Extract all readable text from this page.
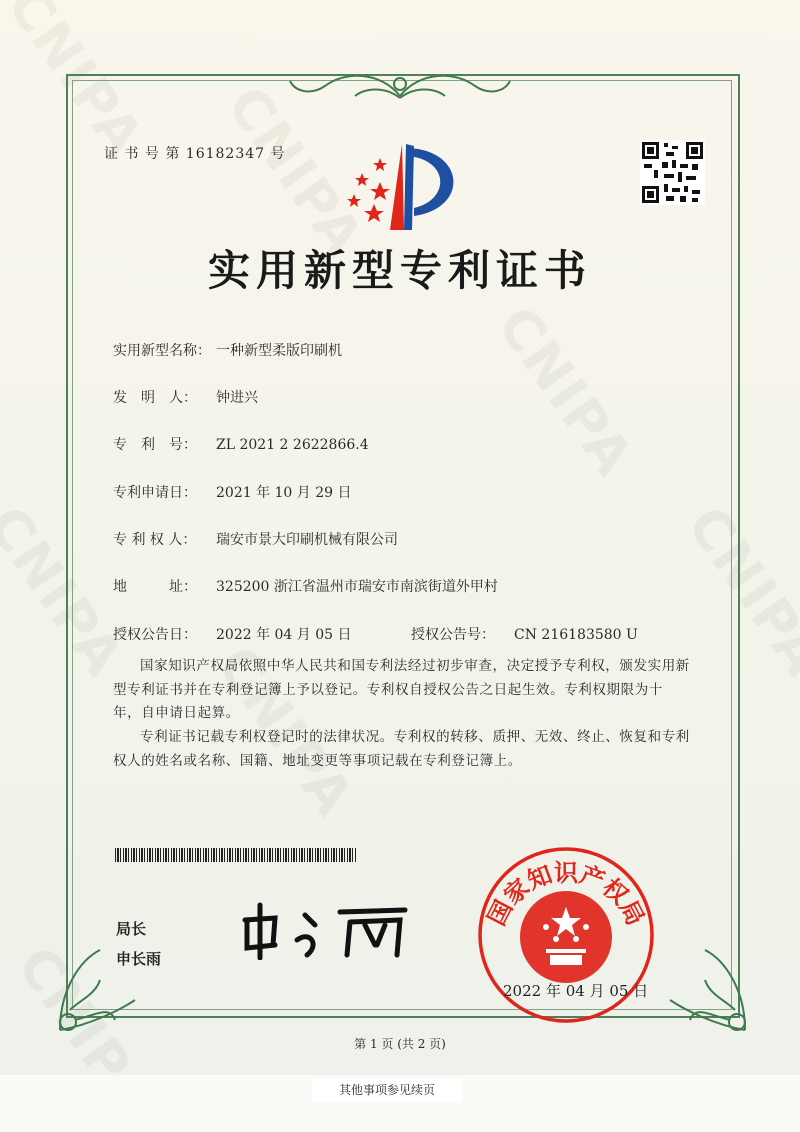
证 书 号 第 16182347 号
实用新型专利证书
实用新型名称： 一种新型柔版印刷机
发　明　人： 钟进兴
专　利　号： ZL 2021 2 2622866.4
专利申请日： 2021 年 10 月 29 日
专 利 权 人： 瑞安市景大印刷机械有限公司
地　　　址： 325200 浙江省温州市瑞安市南滨街道外甲村
授权公告日： 2022 年 04 月 05 日	授权公告号： CN 216183580 U
国家知识产权局依照中华人民共和国专利法经过初步审查，决定授予专利权，颁发实用新型专利证书并在专利登记簿上予以登记。专利权自授权公告之日起生效。专利权期限为十年，自申请日起算。
专利证书记载专利权登记时的法律状况。专利权的转移、质押、无效、终止、恢复和专利权人的姓名或名称、国籍、地址变更等事项记载在专利登记簿上。
局长
申长雨
国家知识产权局
2022 年 04 月 05 日
第 1 页 (共 2 页)
其他事项参见续页
